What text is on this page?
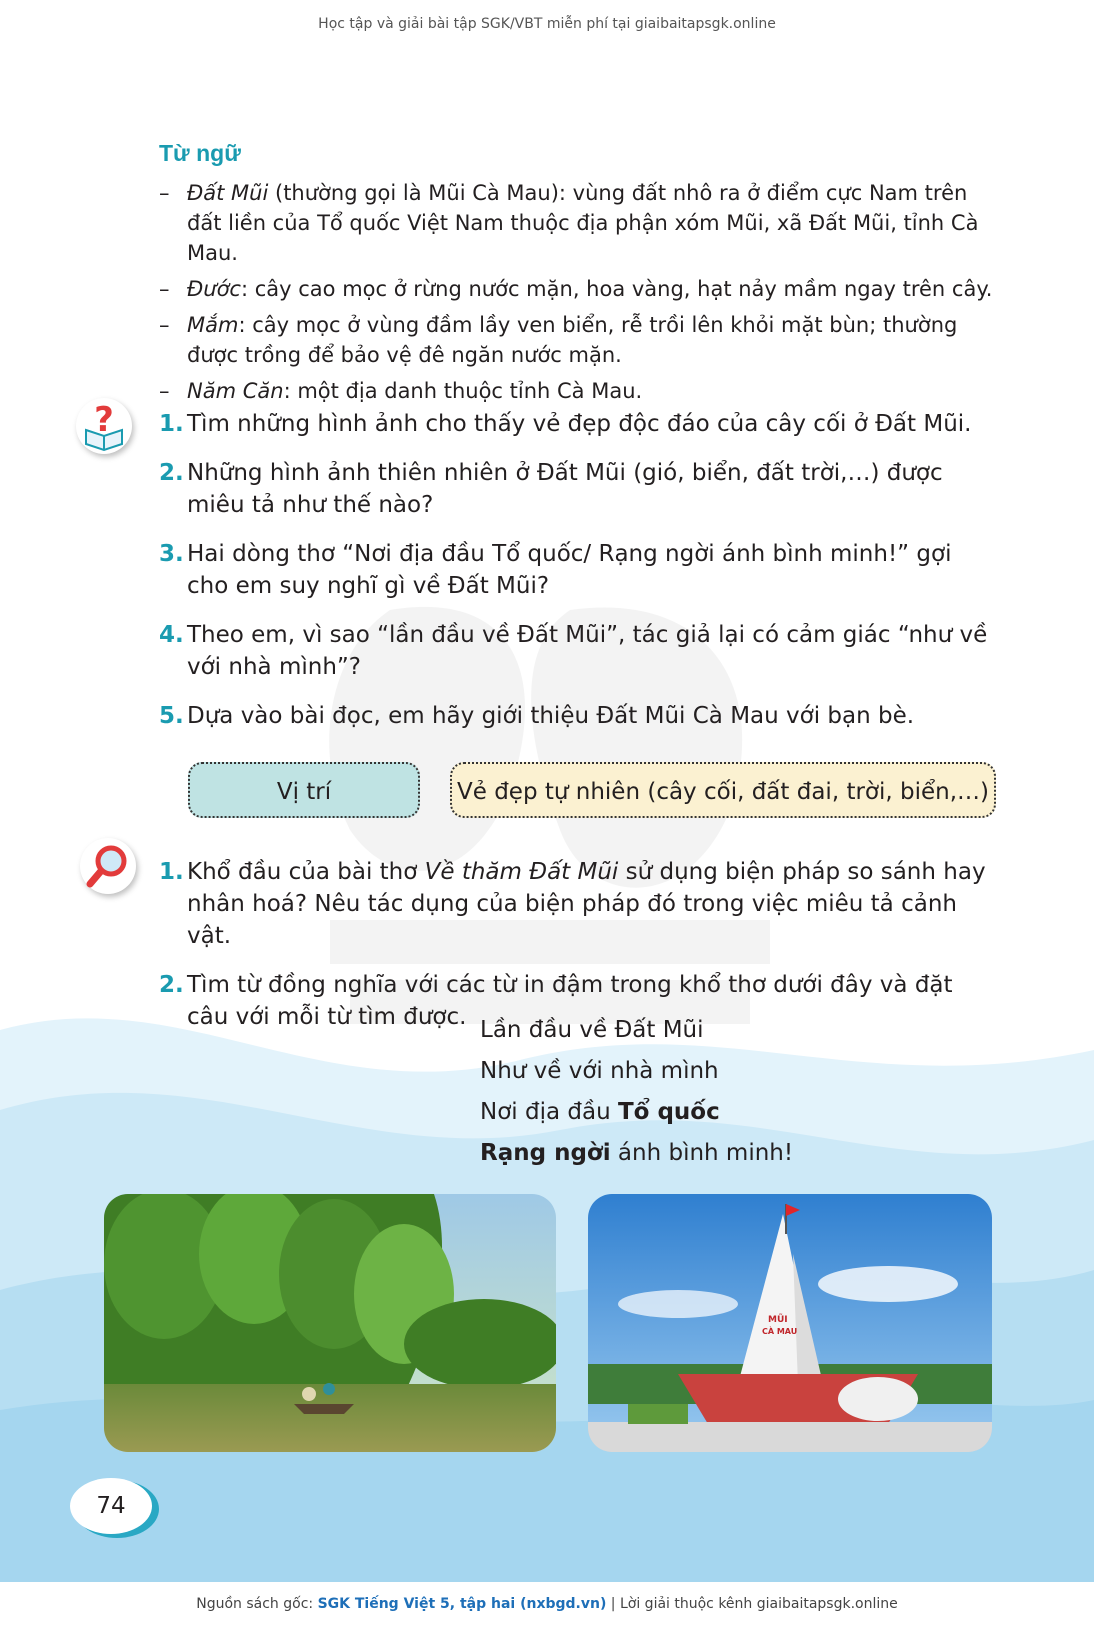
Học tập và giải bài tập SGK/VBT miễn phí tại giaibaitapsgk.online
Từ ngữ
– Đất Mũi (thường gọi là Mũi Cà Mau): vùng đất nhô ra ở điểm cực Nam trên đất liền của Tổ quốc Việt Nam thuộc địa phận xóm Mũi, xã Đất Mũi, tỉnh Cà Mau.
– Đước: cây cao mọc ở rừng nước mặn, hoa vàng, hạt nảy mầm ngay trên cây.
– Mắm: cây mọc ở vùng đầm lầy ven biển, rễ trồi lên khỏi mặt bùn; thường được trồng để bảo vệ đê ngăn nước mặn.
– Năm Căn: một địa danh thuộc tỉnh Cà Mau.
? 1. Tìm những hình ảnh cho thấy vẻ đẹp độc đáo của cây cối ở Đất Mũi.
2. Những hình ảnh thiên nhiên ở Đất Mũi (gió, biển, đất trời,…) được miêu tả như thế nào?
3. Hai dòng thơ “Nơi địa đầu Tổ quốc/ Rạng ngời ánh bình minh!” gợi cho em suy nghĩ gì về Đất Mũi?
4. Theo em, vì sao “lần đầu về Đất Mũi”, tác giả lại có cảm giác “như về với nhà mình”?
5. Dựa vào bài đọc, em hãy giới thiệu Đất Mũi Cà Mau với bạn bè.
Vị trí	Vẻ đẹp tự nhiên (cây cối, đất đai, trời, biển,…)
1. Khổ đầu của bài thơ Về thăm Đất Mũi sử dụng biện pháp so sánh hay nhân hoá? Nêu tác dụng của biện pháp đó trong việc miêu tả cảnh vật.
2. Tìm từ đồng nghĩa với các từ in đậm trong khổ thơ dưới đây và đặt câu với mỗi từ tìm được. Lần đầu về Đất Mũi
Như về với nhà mình
Nơi địa đầu Tổ quốc
Rạng ngời ánh bình minh!
MŨI
CÀ MAU
74
Nguồn sách gốc: SGK Tiếng Việt 5, tập hai (nxbgd.vn) | Lời giải thuộc kênh giaibaitapsgk.online
